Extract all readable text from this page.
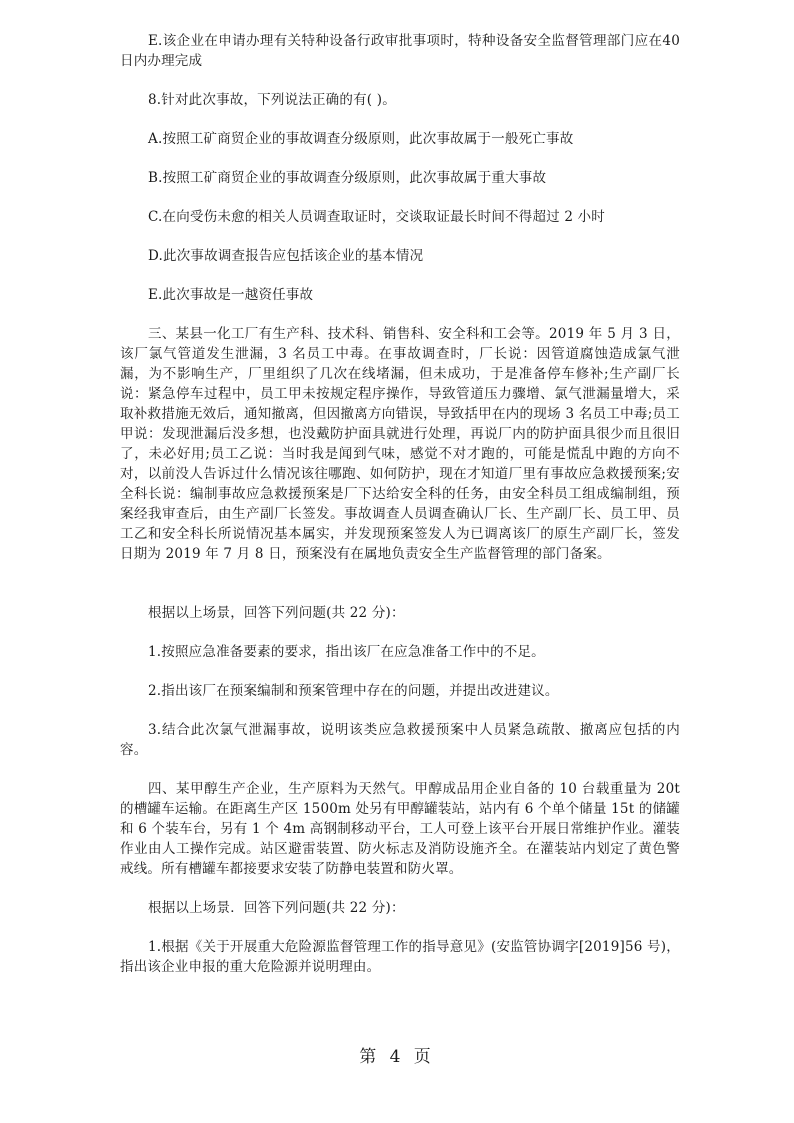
E.该企业在申请办理有关特种设备行政审批事项时，特种设备安全监督管理部门应在40日内办理完成

8.针对此次事故，下列说法正确的有( )。

A.按照工矿商贸企业的事故调查分级原则，此次事故属于一般死亡事故

B.按照工矿商贸企业的事故调查分级原则，此次事故属于重大事故

C.在向受伤未愈的相关人员调查取证时，交谈取证最长时间不得超过 2 小时

D.此次事故调查报告应包括该企业的基本情况

E.此次事故是一越资任事故

三、某县一化工厂有生产科、技术科、销售科、安全科和工会等。2019 年 5 月 3 日，该厂氯气管道发生泄漏，3 名员工中毒。在事故调查时，厂长说：因管道腐蚀造成氯气泄漏，为不影响生产，厂里组织了几次在线堵漏，但未成功，于是准备停车修补;生产副厂长说：紧急停车过程中，员工甲未按规定程序操作，导致管道压力骤增、氯气泄漏量增大，采取补救措施无效后，通知撤离，但因撤离方向错误，导致括甲在内的现场 3 名员工中毒;员工甲说：发现泄漏后没多想，也没戴防护面具就进行处理，再说厂内的防护面具很少而且很旧了，未必好用;员工乙说：当时我是闻到气味，感觉不对才跑的，可能是慌乱中跑的方向不对，以前没人告诉过什么情况该往哪跑、如何防护，现在才知道厂里有事故应急救援预案;安全科长说：编制事故应急救援预案是厂下达给安全科的任务，由安全科员工组成编制组，预案经我审查后，由生产副厂长签发。事故调查人员调查确认厂长、生产副厂长、员工甲、员工乙和安全科长所说情况基本属实，并发现预案签发人为已调离该厂的原生产副厂长，签发日期为 2019 年 7 月 8 日，预案没有在属地负责安全生产监督管理的部门备案。

根据以上场景，回答下列问题(共 22 分)：

1.按照应急准备要素的要求，指出该厂在应急准备工作中的不足。

2.指出该厂在预案编制和预案管理中存在的问题，并提出改进建议。

3.结合此次氯气泄漏事故，说明该类应急救援预案中人员紧急疏散、撤离应包括的内容。

四、某甲醇生产企业，生产原料为天然气。甲醇成品用企业自备的 10 台载重量为 20t 的槽罐车运输。在距离生产区 1500m 处另有甲醇罐装站，站内有 6 个单个储量 15t 的储罐和 6 个装车台，另有 1 个 4m 高钢制移动平台，工人可登上该平台开展日常维护作业。灌装作业由人工操作完成。站区避雷装置、防火标志及消防设施齐全。在灌装站内划定了黄色警戒线。所有槽罐车都接要求安装了防静电装置和防火罩。

根据以上场景．回答下列问题(共 22 分)：

1.根据《关于开展重大危险源监督管理工作的指导意见》(安监管协调字[2019]56 号)，指出该企业申报的重大危险源并说明理由。

第 4 页
